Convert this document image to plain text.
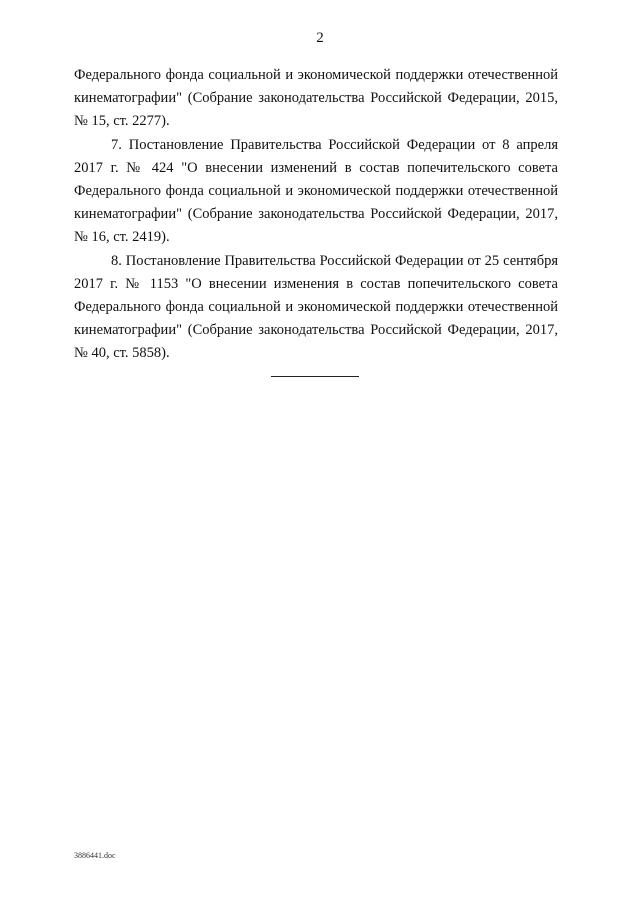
2

Федерального фонда социальной и экономической поддержки отечественной кинематографии" (Собрание законодательства Российской Федерации, 2015, № 15, ст. 2277).

7. Постановление Правительства Российской Федерации от 8 апреля 2017 г. № 424 "О внесении изменений в состав попечительского совета Федерального фонда социальной и экономической поддержки отечественной кинематографии" (Собрание законодательства Российской Федерации, 2017, № 16, ст. 2419).

8. Постановление Правительства Российской Федерации от 25 сентября 2017 г. № 1153 "О внесении изменения в состав попечительского совета Федерального фонда социальной и экономической поддержки отечественной кинематографии" (Собрание законодательства Российской Федерации, 2017, № 40, ст. 5858).

3886441.doc
